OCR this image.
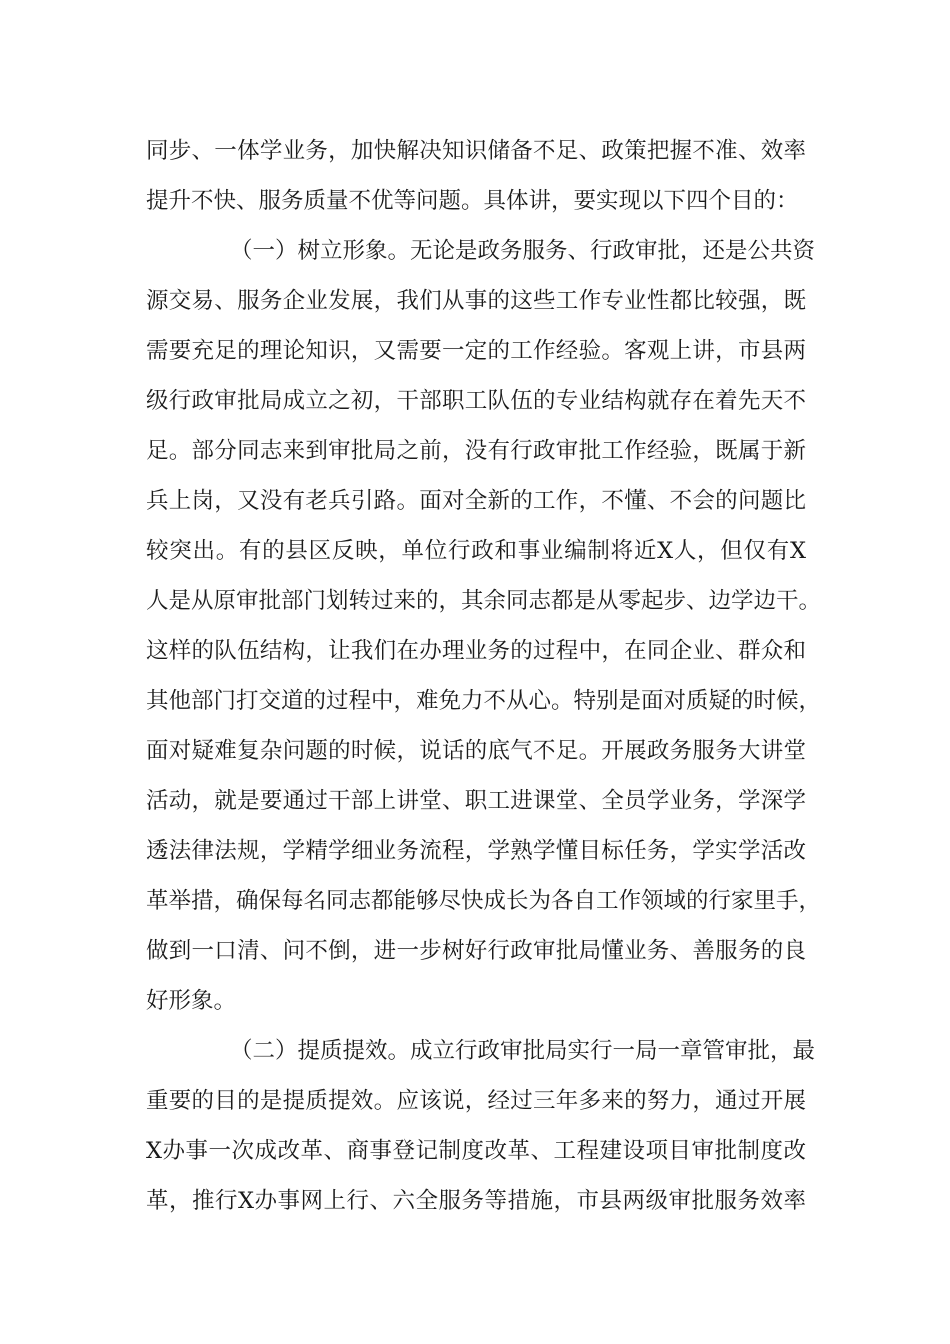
同步、一体学业务，加快解决知识储备不足、政策把握不准、效率
提升不快、服务质量不优等问题。具体讲，要实现以下四个目的：
（一）树立形象。无论是政务服务、行政审批，还是公共资
源交易、服务企业发展，我们从事的这些工作专业性都比较强，既
需要充足的理论知识，又需要一定的工作经验。客观上讲，市县两
级行政审批局成立之初，干部职工队伍的专业结构就存在着先天不
足。部分同志来到审批局之前，没有行政审批工作经验，既属于新
兵上岗，又没有老兵引路。面对全新的工作，不懂、不会的问题比
较突出。有的县区反映，单位行政和事业编制将近X人，但仅有X
人是从原审批部门划转过来的，其余同志都是从零起步、边学边干。
这样的队伍结构，让我们在办理业务的过程中，在同企业、群众和
其他部门打交道的过程中，难免力不从心。特别是面对质疑的时候，
面对疑难复杂问题的时候，说话的底气不足。开展政务服务大讲堂
活动，就是要通过干部上讲堂、职工进课堂、全员学业务，学深学
透法律法规，学精学细业务流程，学熟学懂目标任务，学实学活改
革举措，确保每名同志都能够尽快成长为各自工作领域的行家里手，
做到一口清、问不倒，进一步树好行政审批局懂业务、善服务的良
好形象。
（二）提质提效。成立行政审批局实行一局一章管审批，最
重要的目的是提质提效。应该说，经过三年多来的努力，通过开展
X办事一次成改革、商事登记制度改革、工程建设项目审批制度改
革，推行X办事网上行、六全服务等措施，市县两级审批服务效率
